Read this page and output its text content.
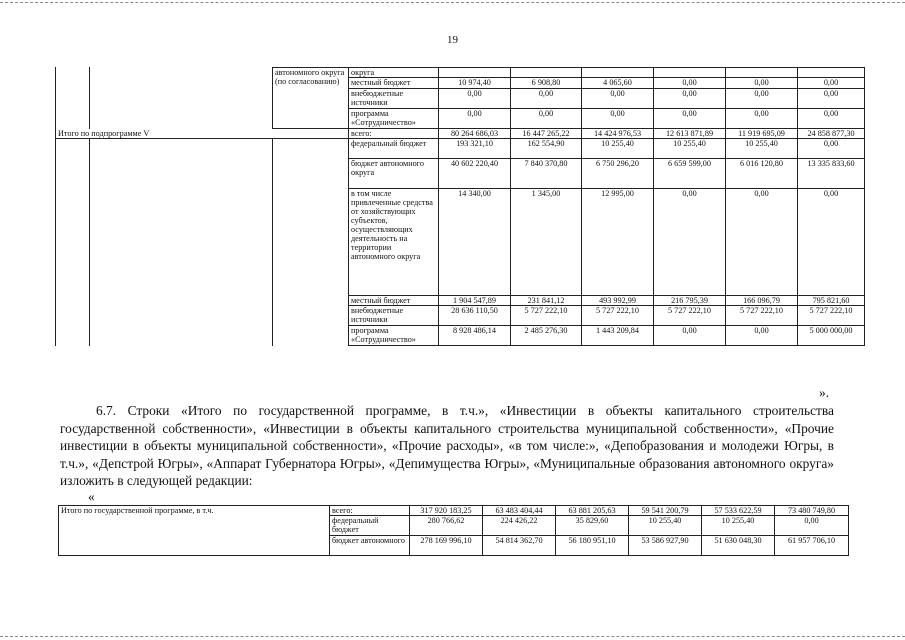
19
		автономного округа (по согласованию)	округа						
			местный бюджет	10 974,40	6 908,80	4 065,60	0,00	0,00	0,00
			внебюджетные источники	0,00	0,00	0,00	0,00	0,00	0,00
			программа «Сотрудничество»	0,00	0,00	0,00	0,00	0,00	0,00
Итого по подпрограмме V			всего:	80 264 686,03	16 447 265,22	14 424 976,53	12 613 871,89	11 919 695,09	24 858 877,30
			федеральный бюджет	193 321,10	162 554,90	10 255,40	10 255,40	10 255,40	0,00
			бюджет автономного округа	40 602 220,40	7 840 370,80	6 750 296,20	6 659 599,00	6 016 120,80	13 335 833,60
			в том числе привлеченные средства от хозяйствующих субъектов, осуществляющих деятельность на территории автономного округа	14 340,00	1 345,00	12 995,00	0,00	0,00	0,00
			местный бюджет	1 904 547,89	231 841,12	493 992,99	216 795,39	166 096,79	795 821,60
			внебюджетные источники	28 636 110,50	5 727 222,10	5 727 222,10	5 727 222,10	5 727 222,10	5 727 222,10
			программа «Сотрудничество»	8 928 486,14	2 485 276,30	1 443 209,84	0,00	0,00	5 000 000,00
».
6.7. Строки «Итого по государственной программе, в т.ч.», «Инвестиции в объекты капитального строительства государственной собственности», «Инвестиции в объекты капитального строительства муниципальной собственности», «Прочие инвестиции в объекты муниципальной собственности», «Прочие расходы», «в том числе:», «Депобразования и молодежи Югры, в т.ч.», «Депстрой Югры», «Аппарат Губернатора Югры», «Депимущества Югры», «Муниципальные образования автономного округа» изложить в следующей редакции:
«
Итого по государственной программе, в т.ч.	всего:	317 920 183,25	63 483 404,44	63 881 205,63	59 541 200,79	57 533 622,59	73 480 749,80
	федеральный бюджет	280 766,62	224 426,22	35 829,60	10 255,40	10 255,40	0,00
	бюджет автономного	278 169 996,10	54 814 362,70	56 180 951,10	53 586 927,90	51 630 048,30	61 957 706,10
